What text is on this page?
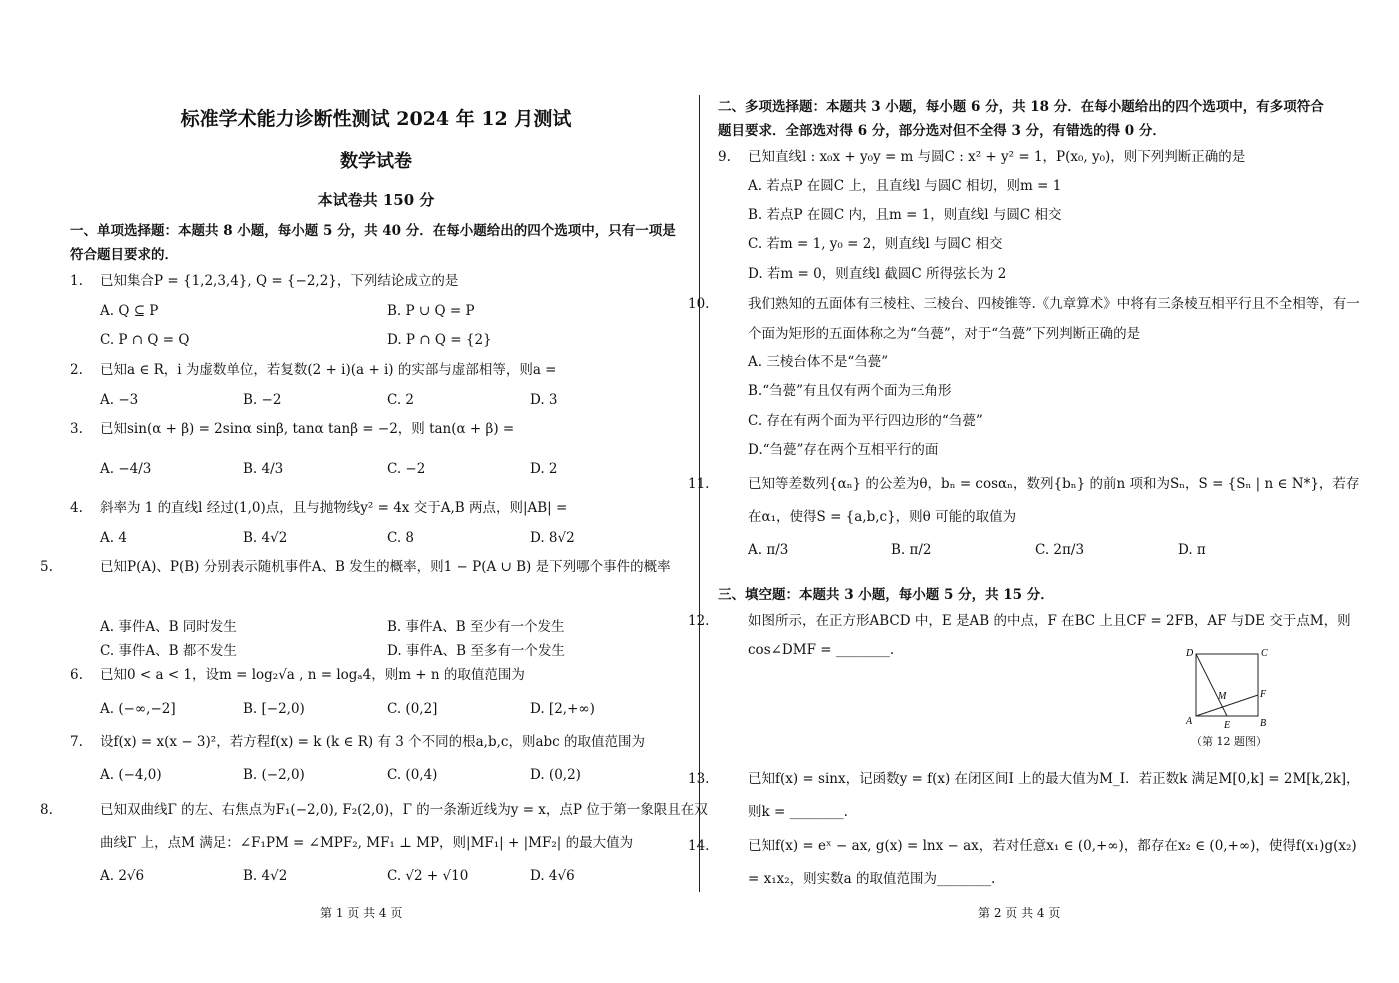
标准学术能力诊断性测试 2024 年 12 月测试
数学试卷
本试卷共 150 分
一、单项选择题：本题共 8 小题，每小题 5 分，共 40 分．在每小题给出的四个选项中，只有一项是符合题目要求的．
1. 已知集合P = {1,2,3,4}, Q = {−2,2}，下列结论成立的是
A. Q ⊆ P	B. P ∪ Q = P
C. P ∩ Q = Q	D. P ∩ Q = {2}
2. 已知a ∈ R，i 为虚数单位，若复数(2 + i)(a + i) 的实部与虚部相等，则a =
A. −3	B. −2	C. 2	D. 3
3. 已知sin(α + β) = 2sinα sinβ, tanα tanβ = −2，则 tan(α + β) =
A. −4/3	B. 4/3	C. −2	D. 2
4. 斜率为 1 的直线l 经过(1,0)点，且与抛物线y² = 4x 交于A,B 两点，则|AB| =
A. 4	B. 4√2	C. 8	D. 8√2
5.	已知P(A)、P(B) 分别表示随机事件A、B 发生的概率，则1 − P(A ∪ B) 是下列哪个事件的概率
A. 事件A、B 同时发生	B. 事件A、B 至少有一个发生
C. 事件A、B 都不发生	D. 事件A、B 至多有一个发生
6. 已知0 < a < 1，设m = log₂√a , n = logₐ4，则m + n 的取值范围为
A. (−∞,−2]	B. [−2,0)	C. (0,2]	D. [2,+∞)
7. 设f(x) = x(x − 3)²，若方程f(x) = k (k ∈ R) 有 3 个不同的根a,b,c，则abc 的取值范围为
A. (−4,0)	B. (−2,0)	C. (0,4)	D. (0,2)
8.	已知双曲线Γ 的左、右焦点为F₁(−2,0), F₂(2,0)，Γ 的一条渐近线为y = x，点P 位于第一象限且在双曲线Γ 上，点M 满足：∠F₁PM = ∠MPF₂, MF₁ ⊥ MP，则|MF₁| + |MF₂| 的最大值为
A. 2√6	B. 4√2	C. √2 + √10	D. 4√6
第 1 页 共 4 页
二、多项选择题：本题共 3 小题，每小题 6 分，共 18 分．在每小题给出的四个选项中，有多项符合题目要求．全部选对得 6 分，部分选对但不全得 3 分，有错选的得 0 分．
9. 已知直线l : x₀x + y₀y = m 与圆C : x² + y² = 1，P(x₀, y₀)，则下列判断正确的是
A. 若点P 在圆C 上，且直线l 与圆C 相切，则m = 1
B. 若点P 在圆C 内，且m = 1，则直线l 与圆C 相交
C. 若m = 1, y₀ = 2，则直线l 与圆C 相交
D. 若m = 0，则直线l 截圆C 所得弦长为 2
10.	我们熟知的五面体有三棱柱、三棱台、四棱锥等.《九章算术》中将有三条棱互相平行且不全相等，有一个面为矩形的五面体称之为“刍甍”，对于“刍甍”下列判断正确的是
A. 三棱台体不是“刍甍”
B.“刍甍”有且仅有两个面为三角形
C. 存在有两个面为平行四边形的“刍甍”
D.“刍甍”存在两个互相平行的面
11.	已知等差数列{αₙ} 的公差为θ，bₙ = cosαₙ，数列{bₙ} 的前n 项和为Sₙ，S = {Sₙ | n ∈ N*}，若存在α₁，使得S = {a,b,c}，则θ 可能的取值为
A. π/3	B. π/2	C. 2π/3	D. π
三、填空题：本题共 3 小题，每小题 5 分，共 15 分．
12.	如图所示，在正方形ABCD 中，E 是AB 的中点，F 在BC 上且CF = 2FB，AF 与DE 交于点M，则cos∠DMF = ________.	D	C
A	B
E
F
M
（第 12 题图）
13.	已知f(x) = sinx，记函数y = f(x) 在闭区间I 上的最大值为M_I．若正数k 满足M[0,k] = 2M[k,2k]，则k = ________.
14.	已知f(x) = eˣ − ax, g(x) = lnx − ax，若对任意x₁ ∈ (0,+∞)，都存在x₂ ∈ (0,+∞)，使得f(x₁)g(x₂) = x₁x₂，则实数a 的取值范围为________.
第 2 页 共 4 页
